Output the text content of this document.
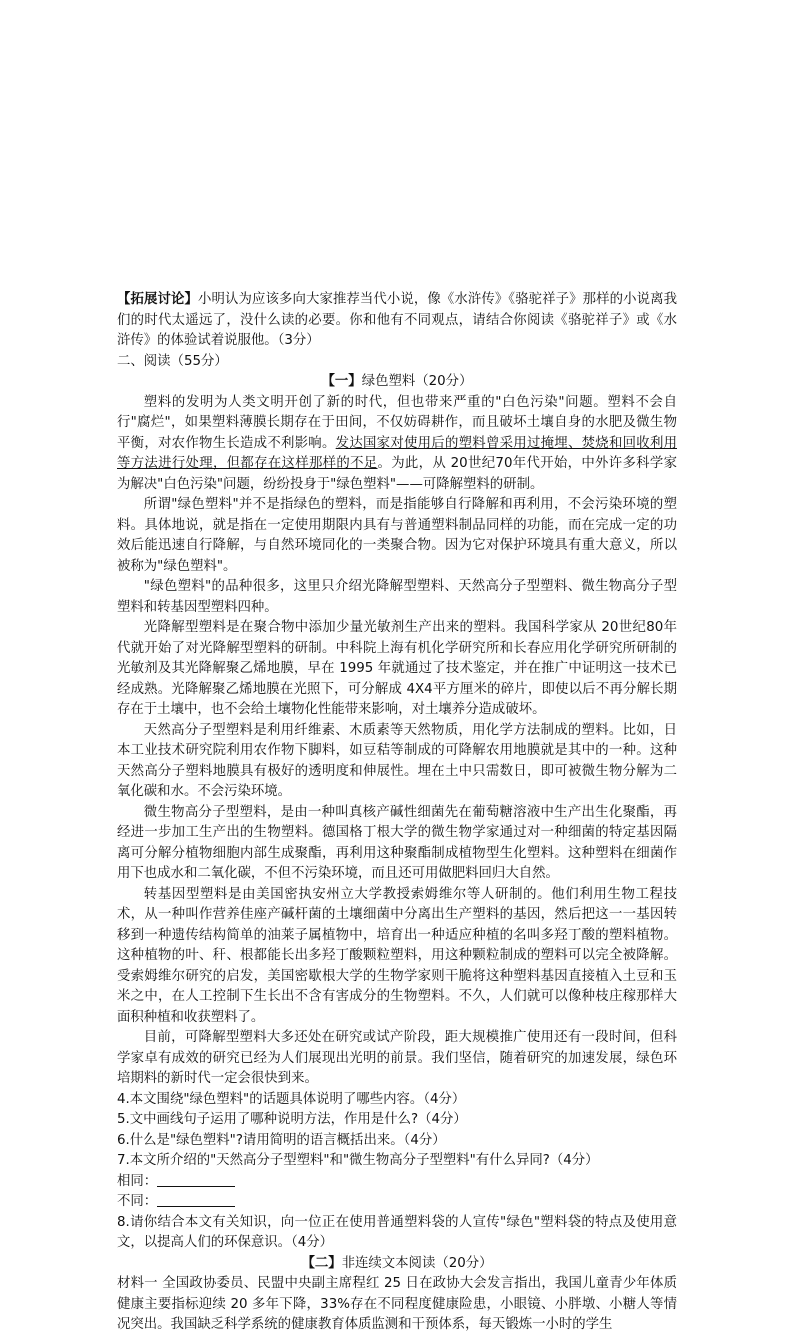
【拓展讨论】小明认为应该多向大家推荐当代小说，像《水浒传》《骆驼祥子》那样的小说离我们的时代太遥远了，没什么读的必要。你和他有不同观点，请结合你阅读《骆驼祥子》或《水浒传》的体验试着说服他。（3分）

二、阅读（55分）

【一】绿色塑料（20分）

塑料的发明为人类文明开创了新的时代，但也带来严重的"白色污染"问题。塑料不会自行"腐烂"，如果塑料薄膜长期存在于田间，不仅妨碍耕作，而且破坏土壤自身的水肥及微生物平衡，对农作物生长造成不利影响。发达国家对使用后的塑料曾采用过掩埋、焚烧和回收利用等方法进行处理，但都存在这样那样的不足。为此，从 20世纪70年代开始，中外许多科学家为解决"白色污染"问题，纷纷投身于"绿色塑料"——可降解塑料的研制。

所谓"绿色塑料"并不是指绿色的塑料，而是指能够自行降解和再利用，不会污染环境的塑料。具体地说，就是指在一定使用期限内具有与普通塑料制品同样的功能，而在完成一定的功效后能迅速自行降解，与自然环境同化的一类聚合物。因为它对保护环境具有重大意义，所以被称为"绿色塑料"。

"绿色塑料"的品种很多，这里只介绍光降解型塑料、天然高分子型塑料、微生物高分子型塑料和转基因型塑料四种。

光降解型塑料是在聚合物中添加少量光敏剂生产出来的塑料。我国科学家从 20世纪80年代就开始了对光降解型塑料的研制。中科院上海有机化学研究所和长春应用化学研究所研制的光敏剂及其光降解聚乙烯地膜，早在 1995 年就通过了技术鉴定，并在推广中证明这一技术已经成熟。光降解聚乙烯地膜在光照下，可分解成 4X4平方厘米的碎片，即使以后不再分解长期存在于土壤中，也不会给土壤物化性能带来影响，对土壤养分造成破坏。

天然高分子型塑料是利用纤维素、木质素等天然物质，用化学方法制成的塑料。比如，日本工业技术研究院利用农作物下脚料，如豆秸等制成的可降解农用地膜就是其中的一种。这种天然高分子塑料地膜具有极好的透明度和伸展性。埋在土中只需数日，即可被微生物分解为二氧化碳和水。不会污染环境。

微生物高分子型塑料，是由一种叫真核产碱性细菌先在葡萄糖溶液中生产出生化聚酯，再经进一步加工生产出的生物塑料。德国格丁根大学的微生物学家通过对一种细菌的特定基因隔离可分解分植物细胞内部生成聚酯，再利用这种聚酯制成植物型生化塑料。这种塑料在细菌作用下也成水和二氧化碳，不但不污染环境，而且还可用做肥料回归大自然。

转基因型塑料是由美国密执安州立大学教授索姆维尔等人研制的。他们利用生物工程技术，从一种叫作营养佳座产碱杆菌的土壤细菌中分离出生产塑料的基因，然后把这一一基因转移到一种遗传结构简单的油莱子属植物中，培育出一种适应种植的名叫多羟丁酸的塑料植物。这种植物的叶、秆、根都能长出多羟丁酸颗粒塑料，用这种颗粒制成的塑料可以完全被降解。受索姆维尔研究的启发，美国密歇根大学的生物学家则干脆将这种塑料基因直接植入土豆和玉米之中，在人工控制下生长出不含有害成分的生物塑料。不久，人们就可以像种枝庄稼那样大面积种植和收获塑料了。

目前，可降解型塑料大多还处在研究或试产阶段，距大规模推广使用还有一段时间，但科学家卓有成效的研究已经为人们展现出光明的前景。我们坚信，随着研究的加速发展，绿色环培期料的新时代一定会很快到来。

4.本文围绕"绿色塑料"的话题具体说明了哪些内容。（4分）

5.文中画线句子运用了哪种说明方法，作用是什么?（4分）

6.什么是"绿色塑料"?请用简明的语言概括出来。（4分）

7.本文所介绍的"天然高分子型塑料"和"微生物高分子型塑料"有什么异同?（4分）

相同：

不同：

8.请你结合本文有关知识，向一位正在使用普通塑料袋的人宣传"绿色"塑料袋的特点及使用意文，以提高人们的环保意识。（4分）

【二】非连续文本阅读（20分）

材料一 全国政协委员、民盟中央副主席程红 25 日在政协大会发言指出，我国儿童青少年体质健康主要指标迎续 20 多年下降，33%存在不同程度健康险患，小眼镜、小胖墩、小糖人等情况突出。我国缺乏科学系统的健康教育体质监测和干预体系，每天锻炼一小时的学生
